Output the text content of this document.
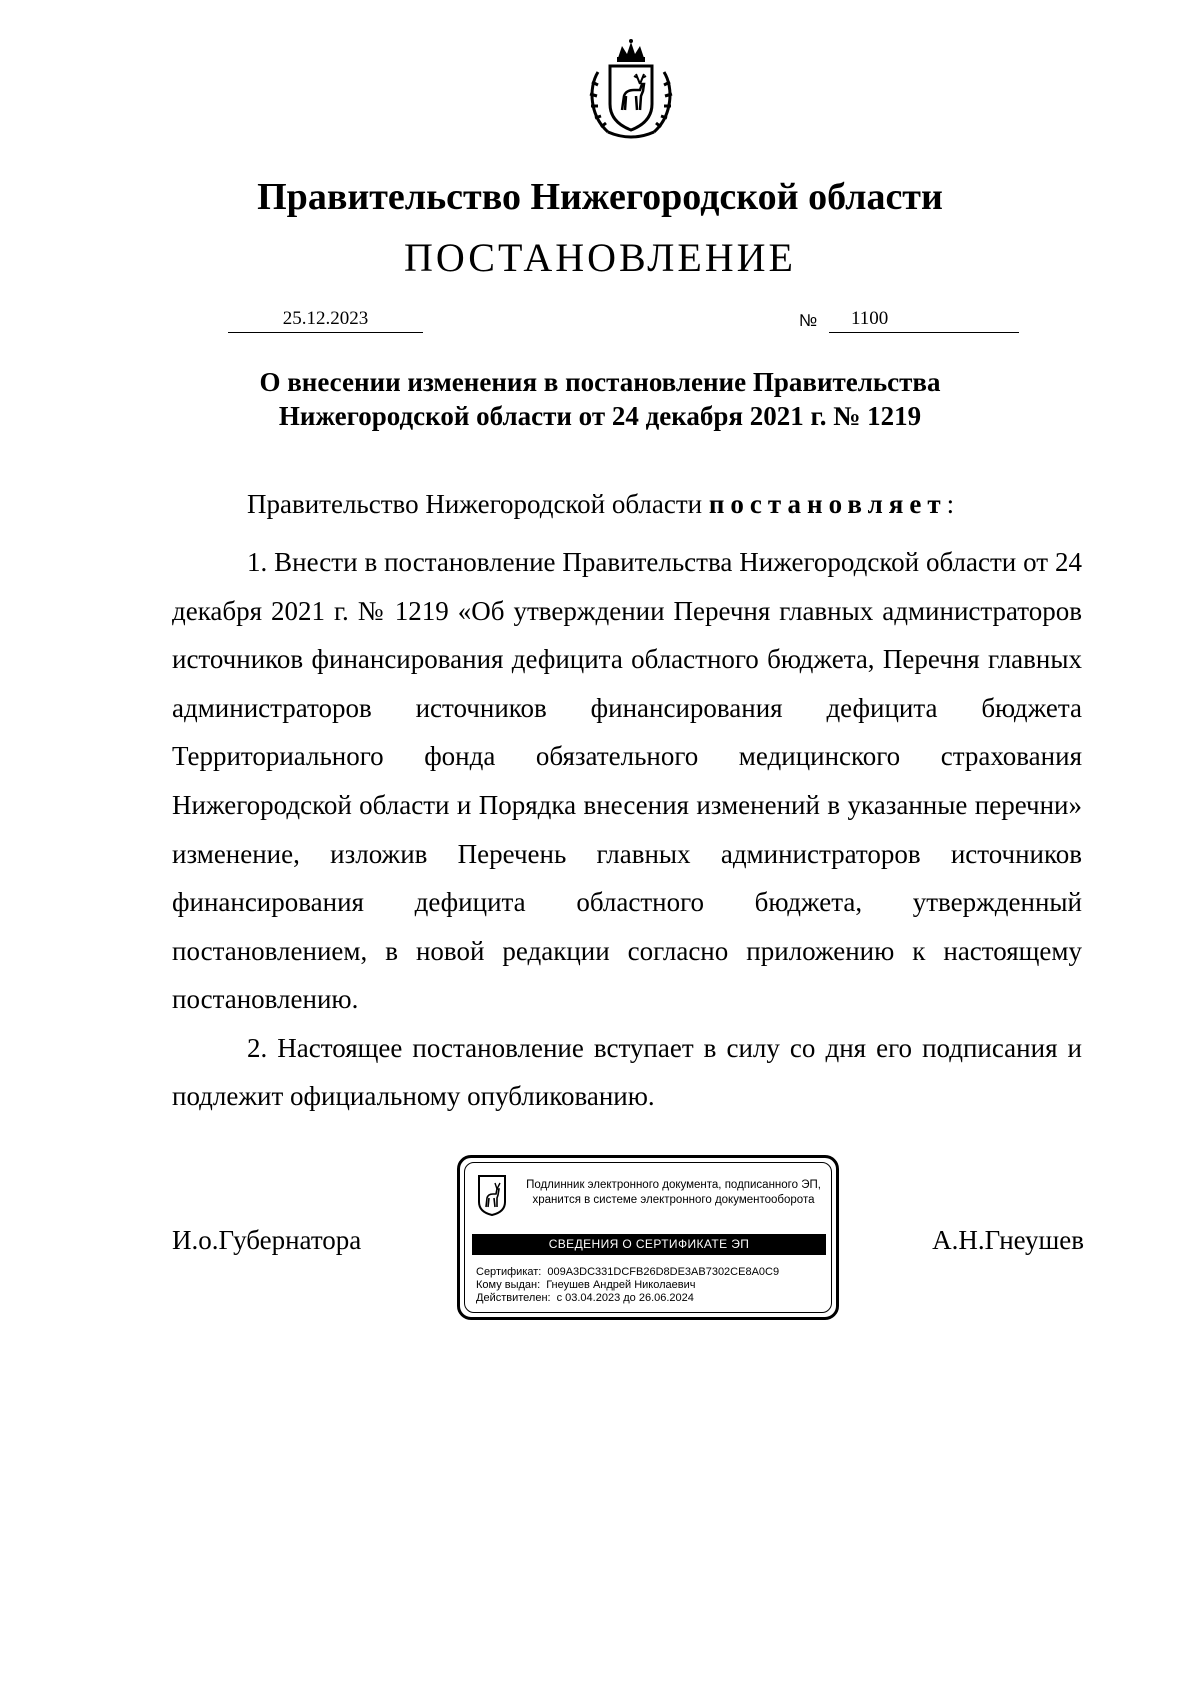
Правительство Нижегородской области
ПОСТАНОВЛЕНИЕ
25.12.2023	№ 1100
О внесении изменения в постановление Правительства
Нижегородской области от 24 декабря 2021 г. № 1219
Правительство Нижегородской области постановляет:
1. Внести в постановление Правительства Нижегородской области от 24 декабря 2021 г. № 1219 «Об утверждении Перечня главных администраторов источников финансирования дефицита областного бюджета, Перечня главных администраторов источников финансирования дефицита бюджета Территориального фонда обязательного медицинского страхования Нижегородской области и Порядка внесения изменений в указанные перечни» изменение, изложив Перечень главных администраторов источников финансирования дефицита областного бюджета, утвержденный постановлением, в новой редакции согласно приложению к настоящему постановлению.
2. Настоящее постановление вступает в силу со дня его подписания и подлежит официальному опубликованию.
И.о.Губернатора	А.Н.Гнеушев
Подлинник электронного документа, подписанного ЭП,
хранится в системе электронного документооборота
СВЕДЕНИЯ О СЕРТИФИКАТЕ ЭП
Сертификат: 009A3DC331DCFB26D8DE3AB7302CE8A0C9
Кому выдан: Гнеушев Андрей Николаевич
Действителен: с 03.04.2023 до 26.06.2024
